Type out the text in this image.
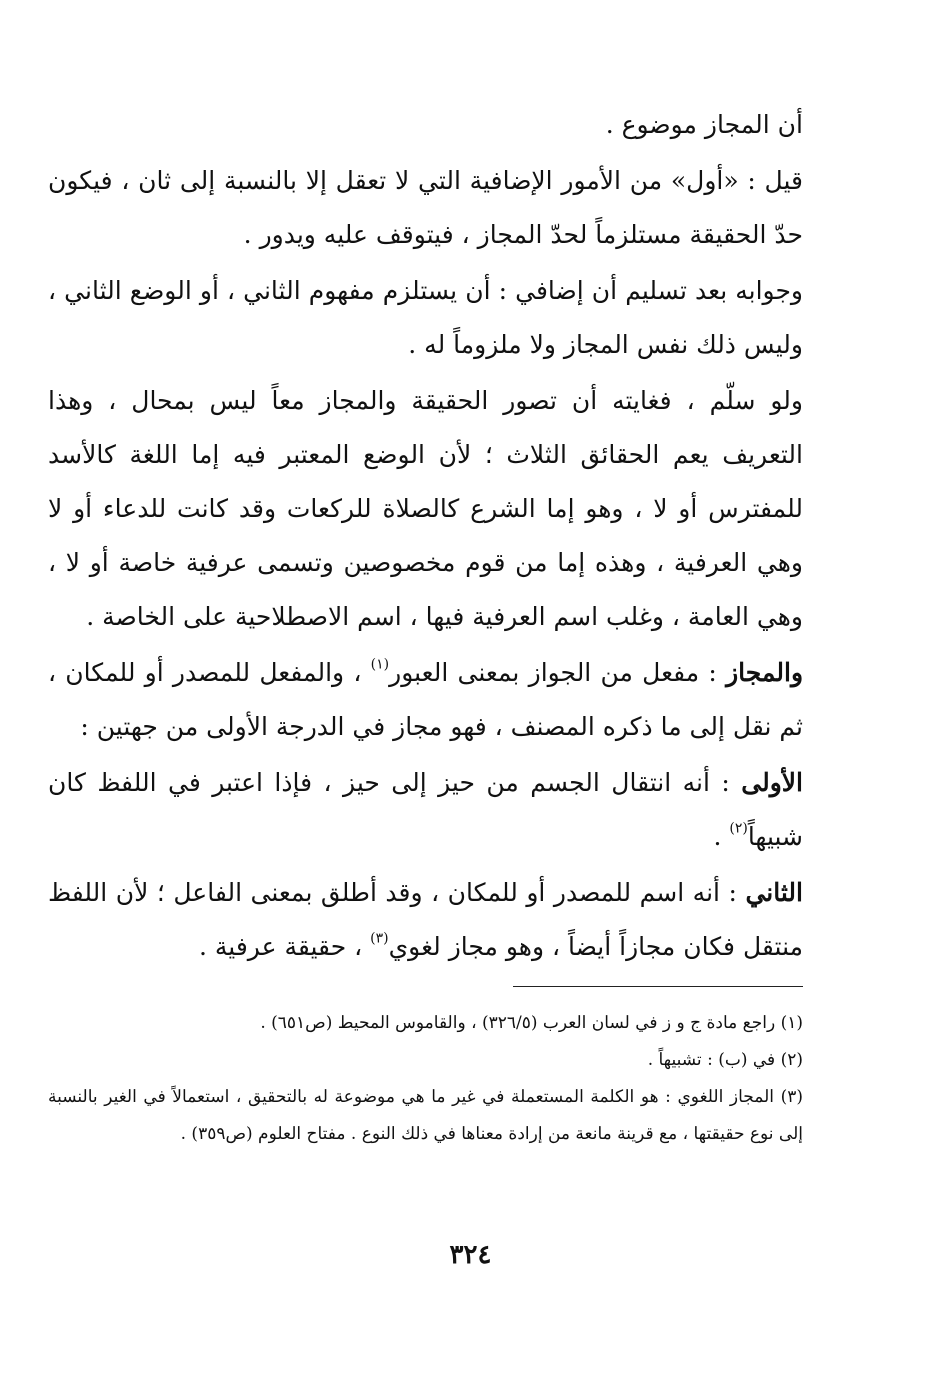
أن المجاز موضوع .

قيل : «أول» من الأمور الإضافية التي لا تعقل إلا بالنسبة إلى ثان ، فيكون حدّ الحقيقة مستلزماً لحدّ المجاز ، فيتوقف عليه ويدور .

وجوابه بعد تسليم أن إضافي : أن يستلزم مفهوم الثاني ، أو الوضع الثاني ، وليس ذلك نفس المجاز ولا ملزوماً له .

ولو سلّم ، فغايته أن تصور الحقيقة والمجاز معاً ليس بمحال ، وهذا التعريف يعم الحقائق الثلاث ؛ لأن الوضع المعتبر فيه إما اللغة كالأسد للمفترس أو لا ، وهو إما الشرع كالصلاة للركعات وقد كانت للدعاء أو لا وهي العرفية ، وهذه إما من قوم مخصوصين وتسمى عرفية خاصة أو لا ، وهي العامة ، وغلب اسم العرفية فيها ، اسم الاصطلاحية على الخاصة .

والمجاز : مفعل من الجواز بمعنى العبور$^{(١)}$ ، والمفعل للمصدر أو للمكان ، ثم نقل إلى ما ذكره المصنف ، فهو مجاز في الدرجة الأولى من جهتين :

الأولى : أنه انتقال الجسم من حيز إلى حيز ، فإذا اعتبر في اللفظ كان شبيهاً$^{(٢)}$ .

الثاني : أنه اسم للمصدر أو للمكان ، وقد أطلق بمعنى الفاعل ؛ لأن اللفظ منتقل فكان مجازاً أيضاً ، وهو مجاز لغوي$^{(٣)}$ ، حقيقة عرفية .

(١) راجع مادة ج و ز في لسان العرب (٣٢٦/٥) ، والقاموس المحيط (ص٦٥١) .

(٢) في (ب) : تشبيهاً .

(٣) المجاز اللغوي : هو الكلمة المستعملة في غير ما هي موضوعة له بالتحقيق ، استعمالاً في الغير بالنسبة إلى نوع حقيقتها ، مع قرينة مانعة من إرادة معناها في ذلك النوع . مفتاح العلوم (ص٣٥٩) .

٣٢٤
